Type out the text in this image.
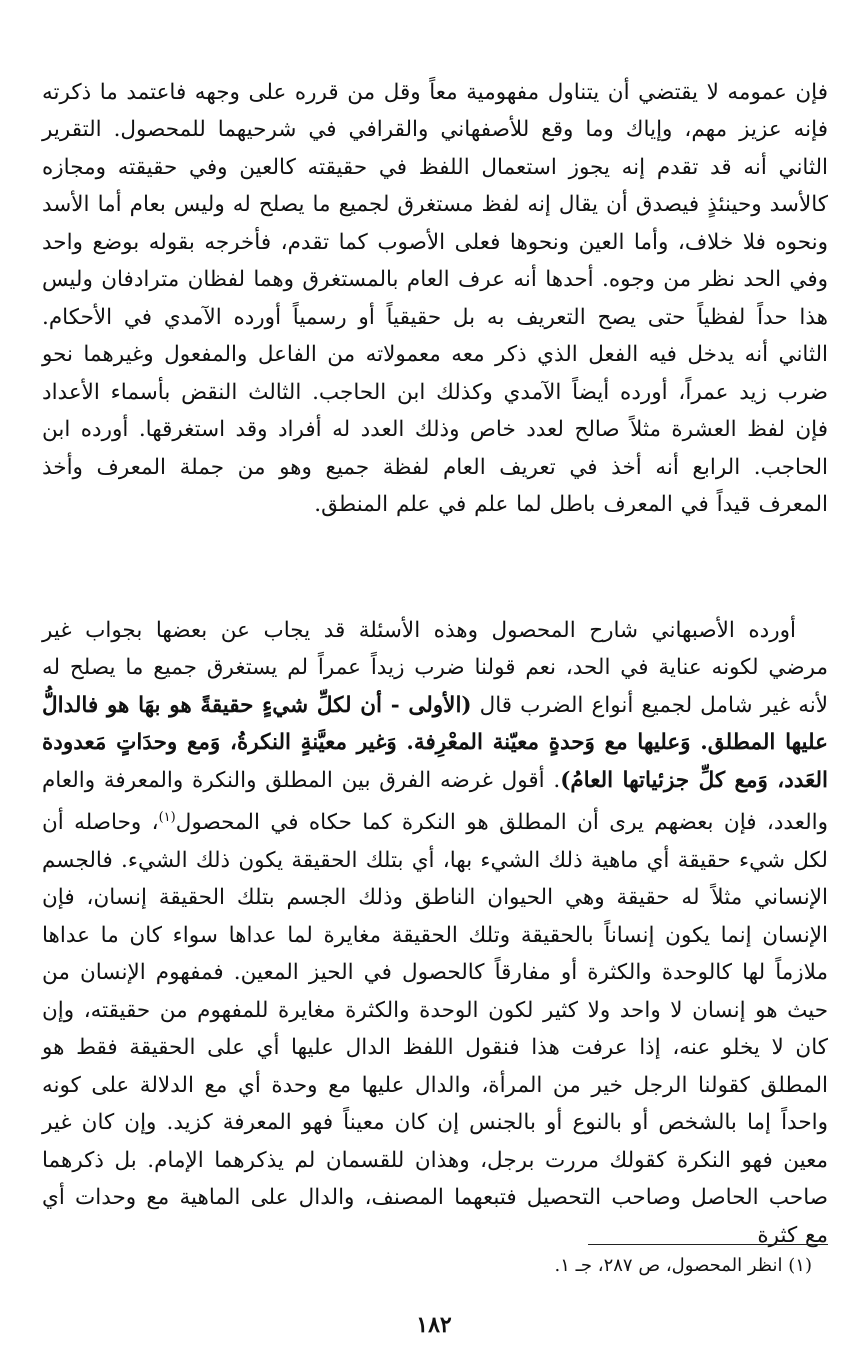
فإن عمومه لا يقتضي أن يتناول مفهومية معاً وقل من قرره على وجهه فاعتمد ما ذكرته فإنه عزيز مهم، وإياك وما وقع للأصفهاني والقرافي في شرحيهما للمحصول. التقرير الثاني أنه قد تقدم إنه يجوز استعمال اللفظ في حقيقته كالعين وفي حقيقته ومجازه كالأسد وحينئذٍ فيصدق أن يقال إنه لفظ مستغرق لجميع ما يصلح له وليس بعام أما الأسد ونحوه فلا خلاف، وأما العين ونحوها فعلى الأصوب كما تقدم، فأخرجه بقوله بوضع واحد وفي الحد نظر من وجوه. أحدها أنه عرف العام بالمستغرق وهما لفظان مترادفان وليس هذا حداً لفظياً حتى يصح التعريف به بل حقيقياً أو رسمياً أورده الآمدي في الأحكام. الثاني أنه يدخل فيه الفعل الذي ذكر معه معمولاته من الفاعل والمفعول وغيرهما نحو ضرب زيد عمراً، أورده أيضاً الآمدي وكذلك ابن الحاجب. الثالث النقض بأسماء الأعداد فإن لفظ العشرة مثلاً صالح لعدد خاص وذلك العدد له أفراد وقد استغرقها. أورده ابن الحاجب. الرابع أنه أخذ في تعريف العام لفظة جميع وهو من جملة المعرف وأخذ المعرف قيداً في المعرف باطل لما علم في علم المنطق.

أورده الأصبهاني شارح المحصول وهذه الأسئلة قد يجاب عن بعضها بجواب غير مرضي لكونه عناية في الحد، نعم قولنا ضرب زيداً عمراً لم يستغرق جميع ما يصلح له لأنه غير شامل لجميع أنواع الضرب قال (الأولى - أن لكلِّ شيءٍ حقيقةً هو بهَا هو فالدالُّ عليها المطلق. وَعليها مع وَحدةٍ معيّنة المعْرِفة. وَغير معيَّنةٍ النكرةُ، وَمع وحدَاتٍ مَعدودة العَدد، وَمع كلِّ جزئياتها العامُ). أقول غرضه الفرق بين المطلق والنكرة والمعرفة والعام والعدد، فإن بعضهم يرى أن المطلق هو النكرة كما حكاه في المحصول$^{(١)}$، وحاصله أن لكل شيء حقيقة أي ماهية ذلك الشيء بها، أي بتلك الحقيقة يكون ذلك الشيء. فالجسم الإنساني مثلاً له حقيقة وهي الحيوان الناطق وذلك الجسم بتلك الحقيقة إنسان، فإن الإنسان إنما يكون إنساناً بالحقيقة وتلك الحقيقة مغايرة لما عداها سواء كان ما عداها ملازماً لها كالوحدة والكثرة أو مفارقاً كالحصول في الحيز المعين. فمفهوم الإنسان من حيث هو إنسان لا واحد ولا كثير لكون الوحدة والكثرة مغايرة للمفهوم من حقيقته، وإن كان لا يخلو عنه، إذا عرفت هذا فنقول اللفظ الدال عليها أي على الحقيقة فقط هو المطلق كقولنا الرجل خير من المرأة، والدال عليها مع وحدة أي مع الدلالة على كونه واحداً إما بالشخص أو بالنوع أو بالجنس إن كان معيناً فهو المعرفة كزيد. وإن كان غير معين فهو النكرة كقولك مررت برجل، وهذان للقسمان لم يذكرهما الإمام. بل ذكرهما صاحب الحاصل وصاحب التحصيل فتبعهما المصنف، والدال على الماهية مع وحدات أي مع كثرة

(١) انظر المحصول، ص ٢٨٧، جـ ١.
١٨٢
